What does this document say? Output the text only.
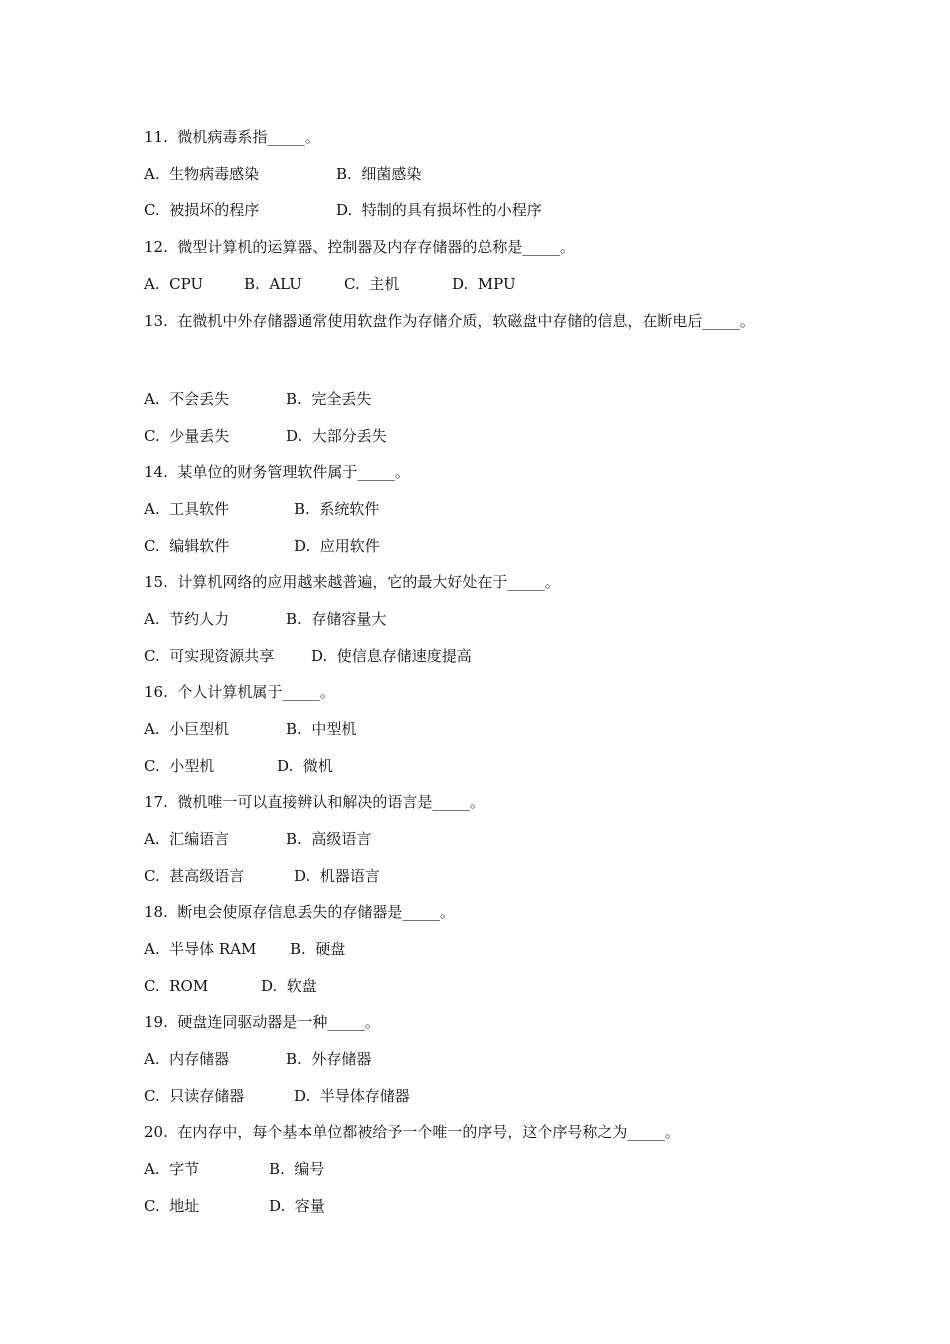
11.  微机病毒系指_____。
A.  生物病毒感染	B.  细菌感染
C.  被损坏的程序	D.  特制的具有损坏性的小程序
12.  微型计算机的运算器、控制器及内存存储器的总称是_____。
A.  CPU	B.  ALU	C.  主机	D.  MPU
13.  在微机中外存储器通常使用软盘作为存储介质，软磁盘中存储的信息，在断电后_____。
A.  不会丢失	B.  完全丢失
C.  少量丢失	D.  大部分丢失
14.  某单位的财务管理软件属于_____。
A.  工具软件	B.  系统软件
C.  编辑软件	D.  应用软件
15.  计算机网络的应用越来越普遍，它的最大好处在于_____。
A.  节约人力	B.  存储容量大
C.  可实现资源共享 D.  使信息存储速度提高
16.  个人计算机属于_____。
A.  小巨型机	B.  中型机
C.  小型机	D.  微机
17.  微机唯一可以直接辨认和解决的语言是_____。
A.  汇编语言	B.  高级语言
C.  甚高级语言	D.  机器语言
18.  断电会使原存信息丢失的存储器是_____。
A.  半导体 RAM B.  硬盘
C.  ROM	D.  软盘
19.  硬盘连同驱动器是一种_____。
A.  内存储器	B.  外存储器
C.  只读存储器	D.  半导体存储器
20.  在内存中，每个基本单位都被给予一个唯一的序号，这个序号称之为_____。
A.  字节	B.  编号
C.  地址	D.  容量
